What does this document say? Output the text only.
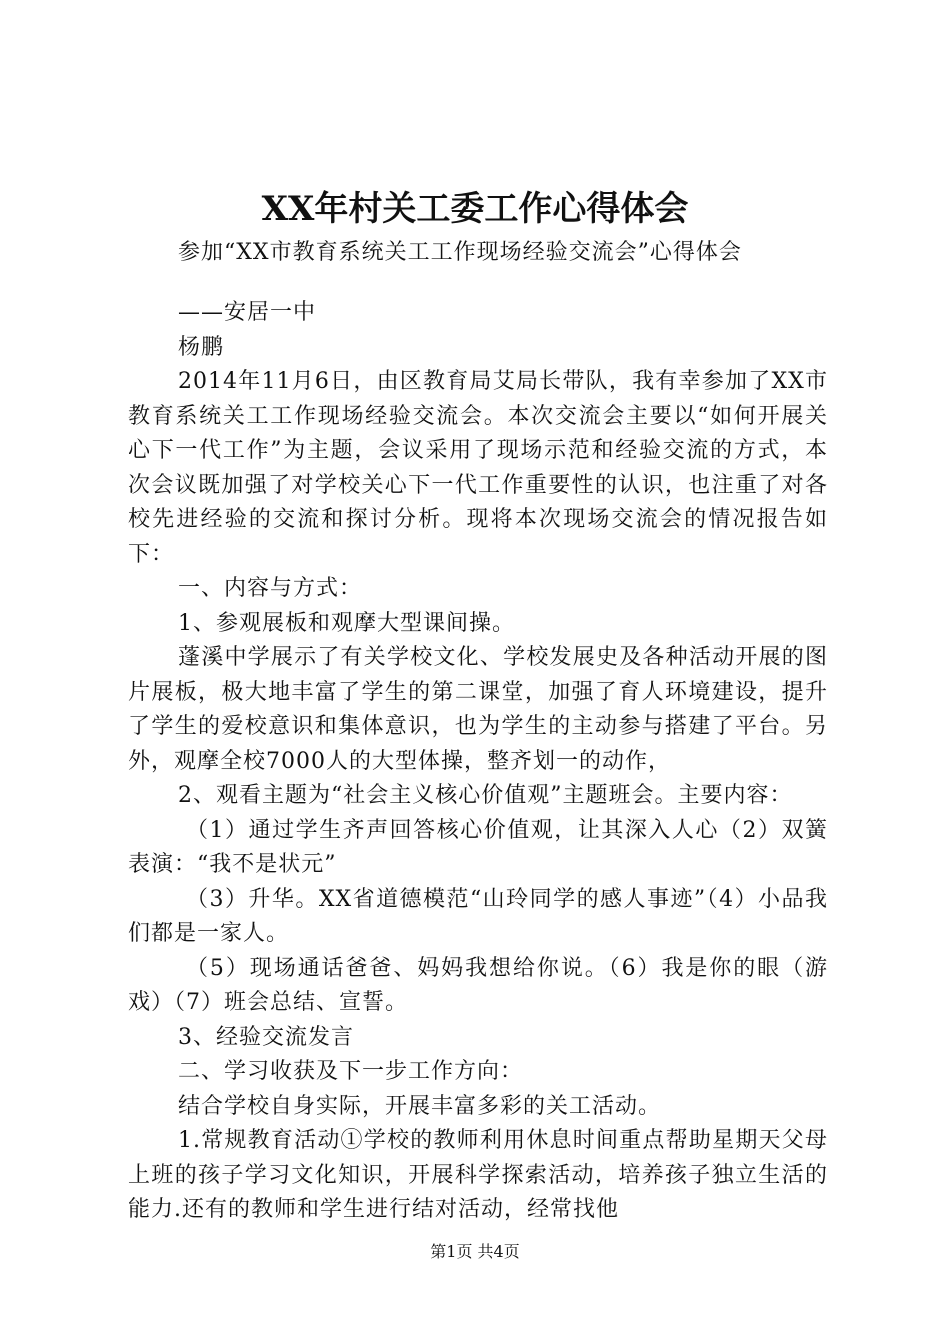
XX年村关工委工作心得体会
参加“XX市教育系统关工工作现场经验交流会”心得体会

——安居一中

杨鹏

2014年11月6日，由区教育局艾局长带队，我有幸参加了XX市教育系统关工工作现场经验交流会。本次交流会主要以“如何开展关心下一代工作”为主题，会议采用了现场示范和经验交流的方式，本次会议既加强了对学校关心下一代工作重要性的认识，也注重了对各校先进经验的交流和探讨分析。现将本次现场交流会的情况报告如下：

一、内容与方式：

1、参观展板和观摩大型课间操。

蓬溪中学展示了有关学校文化、学校发展史及各种活动开展的图片展板，极大地丰富了学生的第二课堂，加强了育人环境建设，提升了学生的爱校意识和集体意识，也为学生的主动参与搭建了平台。另外，观摩全校7000人的大型体操，整齐划一的动作，

2、观看主题为“社会主义核心价值观”主题班会。主要内容：

（1）通过学生齐声回答核心价值观，让其深入人心（2）双簧表演：“我不是状元”

（3）升华。XX省道德模范“山玲同学的感人事迹”（4）小品我们都是一家人。

（5）现场通话爸爸、妈妈我想给你说。（6）我是你的眼（游戏）（7）班会总结、宣誓。

3、经验交流发言

二、学习收获及下一步工作方向：

结合学校自身实际，开展丰富多彩的关工活动。

1.常规教育活动①学校的教师利用休息时间重点帮助星期天父母上班的孩子学习文化知识，开展科学探索活动，培养孩子独立生活的能力.还有的教师和学生进行结对活动，经常找他

第1页 共4页
